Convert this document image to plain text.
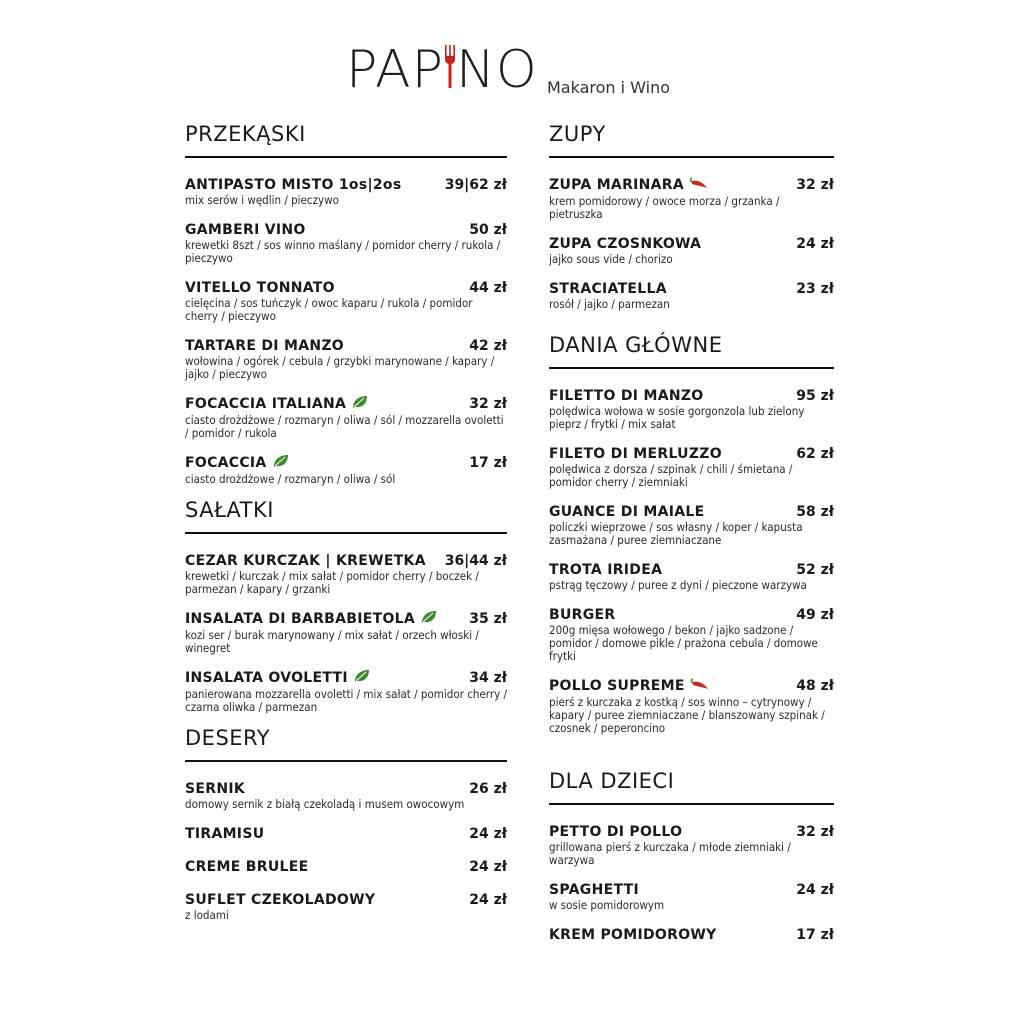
PAP NO Makaron i Wino
PRZEKĄSKI
ANTIPASTO MISTO 1os|2os	39|62 zł
mix serów i wędlin / pieczywo
GAMBERI VINO	50 zł
krewetki 8szt / sos winno maślany / pomidor cherry / rukola / pieczywo
VITELLO TONNATO	44 zł
cielęcina / sos tuńczyk / owoc kaparu / rukola / pomidor cherry / pieczywo
TARTARE DI MANZO	42 zł
wołowina / ogórek / cebula / grzybki marynowane / kapary / jajko / pieczywo
FOCACCIA ITALIANA	32 zł
ciasto drożdżowe / rozmaryn / oliwa / sól / mozzarella ovoletti / pomidor / rukola
FOCACCIA	17 zł
ciasto drożdżowe / rozmaryn / oliwa / sól
SAŁATKI
CEZAR KURCZAK | KREWETKA	36|44 zł
krewetki / kurczak / mix sałat / pomidor cherry / boczek / parmezan / kapary / grzanki
INSALATA DI BARBABIETOLA	35 zł
kozi ser / burak marynowany / mix sałat / orzech włoski / winegret
INSALATA OVOLETTI	34 zł
panierowana mozzarella ovoletti / mix sałat / pomidor cherry / czarna oliwka / parmezan
DESERY
SERNIK	26 zł
domowy sernik z białą czekoladą i musem owocowym
TIRAMISU	24 zł
CREME BRULEE	24 zł
SUFLET CZEKOLADOWY	24 zł
z lodami
ZUPY
ZUPA MARINARA	32 zł
krem pomidorowy / owoce morza / grzanka / pietruszka
ZUPA CZOSNKOWA	24 zł
jajko sous vide / chorizo
STRACIATELLA	23 zł
rosół / jajko / parmezan
DANIA GŁÓWNE
FILETTO DI MANZO	95 zł
polędwica wołowa w sosie gorgonzola lub zielony pieprz / frytki / mix sałat
FILETO DI MERLUZZO	62 zł
polędwica z dorsza / szpinak / chili / śmietana / pomidor cherry / ziemniaki
GUANCE DI MAIALE	58 zł
policzki wieprzowe / sos własny / koper / kapusta zasmażana / puree ziemniaczane
TROTA IRIDEA	52 zł
pstrąg tęczowy / puree z dyni / pieczone warzywa
BURGER	49 zł
200g mięsa wołowego / bekon / jajko sadzone / pomidor / domowe pikle / prażona cebula / domowe frytki
POLLO SUPREME	48 zł
pierś z kurczaka z kostką / sos winno – cytrynowy / kapary / puree ziemniaczane / blanszowany szpinak / czosnek / peperoncino
DLA DZIECI
PETTO DI POLLO	32 zł
grillowana pierś z kurczaka / młode ziemniaki / warzywa
SPAGHETTI	24 zł
w sosie pomidorowym
KREM POMIDOROWY	17 zł
